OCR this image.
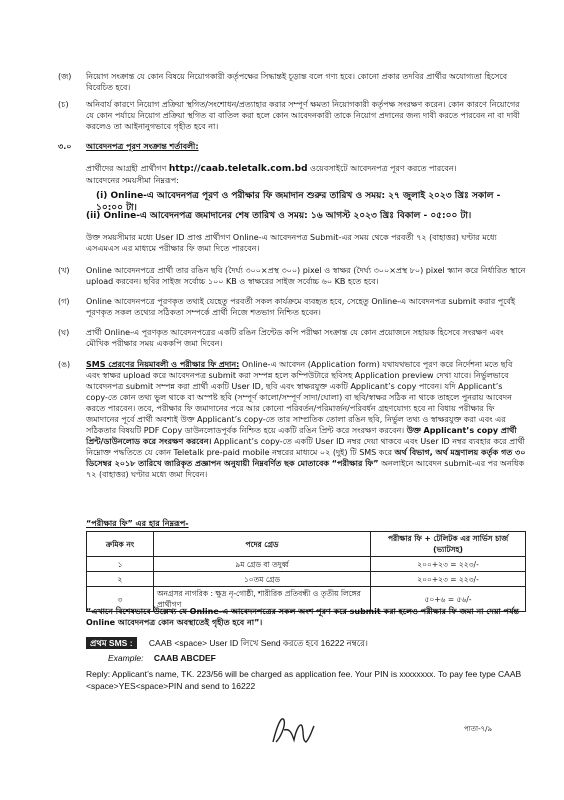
(জ)	নিয়োগ সংক্রান্ত যে কোন বিষয়ে নিয়োগকারী কর্তৃপক্ষের সিদ্ধান্তই চূড়ান্ত বলে গণ্য হবে। কোনো প্রকার তদবির প্রার্থীর অযোগ্যতা হিসেবে বিবেচিত হবে।
(চ)	অনিবার্য কারণে নিয়োগ প্রক্রিয়া স্থগিত/সংশোধন/প্রত্যাহার করার সম্পূর্ণ ক্ষমতা নিয়োগকারী কর্তৃপক্ষ সংরক্ষণ করেন। কোন কারণে নিয়োগের যে কোন পর্যায়ে নিয়োগ প্রক্রিয়া স্থগিত বা বাতিল করা হলে কোন আবেদনকারী তাকে নিয়োগ প্রদানের জন্য দাবী করতে পারবেন না বা দাবী করলেও তা আইনানুগভাবে গৃহীত হবে না।
৩.০	আবেদনপত্র পূরণ সংক্রান্ত শর্তাবলী:
প্রার্থীদের আগ্রহী প্রার্থীগণ http://caab.teletalk.com.bd ওয়েবসাইটে আবেদনপত্র পূরণ করতে পারবেন।
আবেদনের সময়সীমা নিম্নরূপ:
(i) Online-এ আবেদনপত্র পূরণ ও পরীক্ষার ফি জমাদান শুরুর তারিখ ও সময়: ২৭ জুলাই ২০২৩ খ্রিঃ সকাল - ১০:০০ টা।
(ii) Online-এ আবেদনপত্র জমাদানের শেষ তারিখ ও সময়: ১৬ আগস্ট ২০২৩ খ্রিঃ বিকাল - ০৫:০০ টা।
উক্ত সময়সীমার মধ্যে User ID প্রাপ্ত প্রার্থীগণ Online-এ আবেদনপত্র Submit-এর সময় থেকে পরবর্তী ৭২ (বাহাত্তর) ঘণ্টার মধ্যে এসএমএস এর মাধ্যমে পরীক্ষার ফি জমা দিতে পারবেন।
(খ)	Online আবেদনপত্রে প্রার্থী তার রঙিন ছবি (দৈর্ঘ্য ৩০০×প্রস্থ ৩০০) pixel ও স্বাক্ষর (দৈর্ঘ্য ৩০০×প্রস্থ ৮০) pixel স্ক্যান করে নির্ধারিত স্থানে upload করবেন। ছবির সাইজ সর্বোচ্চ ১০০ KB ও স্বাক্ষরের সাইজ সর্বোচ্চ ৬০ KB হতে হবে।
(গ)	Online আবেদনপত্রে পূরণকৃত তথ্যই যেহেতু পরবর্তী সকল কার্যক্রমে ব্যবহৃত হবে, সেহেতু Online-এ আবেদনপত্র submit করার পূর্বেই পূরণকৃত সকল তথ্যের সঠিকতা সম্পর্কে প্রার্থী নিজে শতভাগ নিশ্চিত হবেন।
(ঘ)	প্রার্থী Online-এ পূরণকৃত আবেদনপত্রের একটি রঙিন প্রিন্টেড কপি পরীক্ষা সংক্রান্ত যে কোন প্রয়োজনে সহায়ক হিসেবে সংরক্ষণ এবং মৌখিক পরীক্ষার সময় এককপি জমা দিবেন।
(ঙ)	SMS প্রেরণের নিয়মাবলী ও পরীক্ষার ফি প্রদান: Online-এ আবেদন (Application form) যথাযথভাবে পূরণ করে নির্দেশনা মতে ছবি এবং স্বাক্ষর upload করে আবেদনপত্র submit করা সম্পন্ন হলে কম্পিউটারে ছবিসহ Application preview দেখা যাবে। নির্ভুলভাবে আবেদনপত্র submit সম্পন্ন করা প্রার্থী একটি User ID, ছবি এবং স্বাক্ষরযুক্ত একটি Applicant’s copy পাবেন। যদি Applicant’s copy-তে কোন তথ্য ভুল থাকে বা অস্পষ্ট ছবি (সম্পূর্ণ কালো/সম্পূর্ণ সাদা/ঘোলা) বা ছবি/স্বাক্ষর সঠিক না থাকে তাহলে পুনরায় আবেদন করতে পারবেন। তবে, পরীক্ষার ফি জমাদানের পরে আর কোনো পরিবর্তন/পরিমার্জন/পরিবর্ধন গ্রহণযোগ্য হবে না বিধায় পরীক্ষার ফি জমাদানের পূর্বে প্রার্থী অবশ্যই উক্ত Applicant’s copy-তে তার সাম্প্রতিক তোলা রঙিন ছবি, নির্ভুল তথ্য ও স্বাক্ষরযুক্ত করা এবং এর সঠিকতার বিষয়টি PDF Copy ডাউনলোডপূর্বক নিশ্চিত হয়ে একটি রঙিন প্রিন্ট করে সংরক্ষণ করবেন। উক্ত Applicant’s copy প্রার্থী প্রিন্ট/ডাউনলোড করে সংরক্ষণ করবেন। Applicant’s copy-তে একটি User ID নম্বর দেয়া থাকবে এবং User ID নম্বর ব্যবহার করে প্রার্থী নিম্নোক্ত পদ্ধতিতে যে কোন Teletalk pre-paid mobile নম্বরের মাধ্যমে ০২ (দুই) টি SMS করে অর্থ বিভাগ, অর্থ মন্ত্রণালয় কর্তৃক গত ৩০ ডিসেম্বর ২০১৮ তারিখে জারিকৃত প্রজ্ঞাপন অনুযায়ী নিম্নবর্ণিত ছক মোতাবেক “পরীক্ষার ফি” অনলাইনে আবেদন submit-এর পর অনধিক ৭২ (বাহাত্তর) ঘণ্টার মধ্যে জমা দিবেন।
“পরীক্ষার ফি” এর হার নিম্নরূপ-
ক্রমিক নং	পদের গ্রেড	পরীক্ষার ফি + টেলিটক এর সার্ভিস চার্জ (ভ্যাটসহ)
১	৯ম গ্রেড বা তদুর্ধ্ব	২০০+২৩ = ২২৩/-
২	১০তম গ্রেড	২০০+২৩ = ২২৩/-
৩	অনগ্রসর নাগরিক : ক্ষুদ্র নৃ-গোষ্ঠী, শারীরিক প্রতিবন্ধী ও তৃতীয় লিঙ্গের প্রার্থীগণ	৫০+৬ = ৫৬/-
“এখানে বিশেষভাবে উল্লেখ্য যে Online-এ আবেদনপত্রের সকল অংশ পূরণ করে submit করা হলেও পরীক্ষার ফি জমা না দেয়া পর্যন্ত Online আবেদনপত্র কোন অবস্থাতেই গৃহীত হবে না”।
প্রথম SMS : CAAB <space> User ID লিখে Send করতে হবে 16222 নম্বরে।
Example: CAAB ABCDEF
Reply: Applicant’s name, TK. 223/56 will be charged as application fee. Your PIN is xxxxxxxx. To pay fee type CAAB <space>YES<space>PIN and send to 16222
পাতা-৭/৯
